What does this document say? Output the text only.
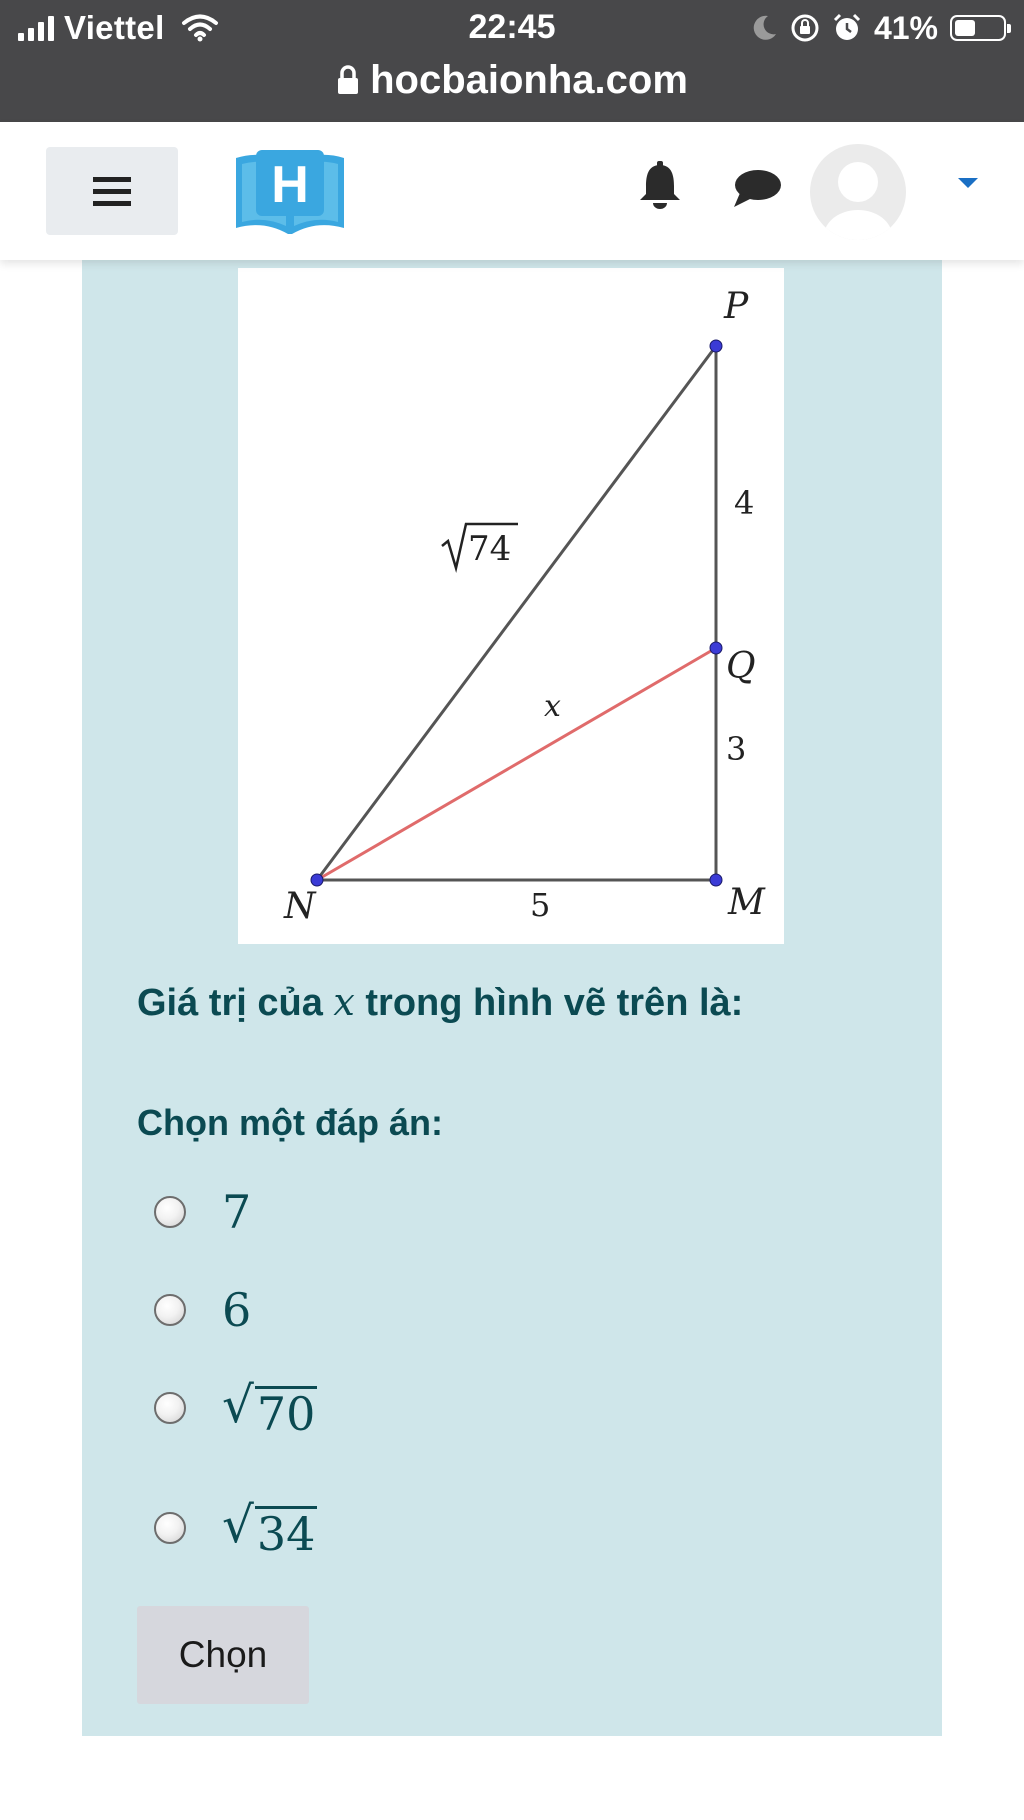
Viettel	22:45	41%
hocbaionha.com
H
P
Q
M
N
74
4
3
5
x
Giá trị của x trong hình vẽ trên là:
Chọn một đáp án:
7
6
√ 70
√ 34
Chọn
